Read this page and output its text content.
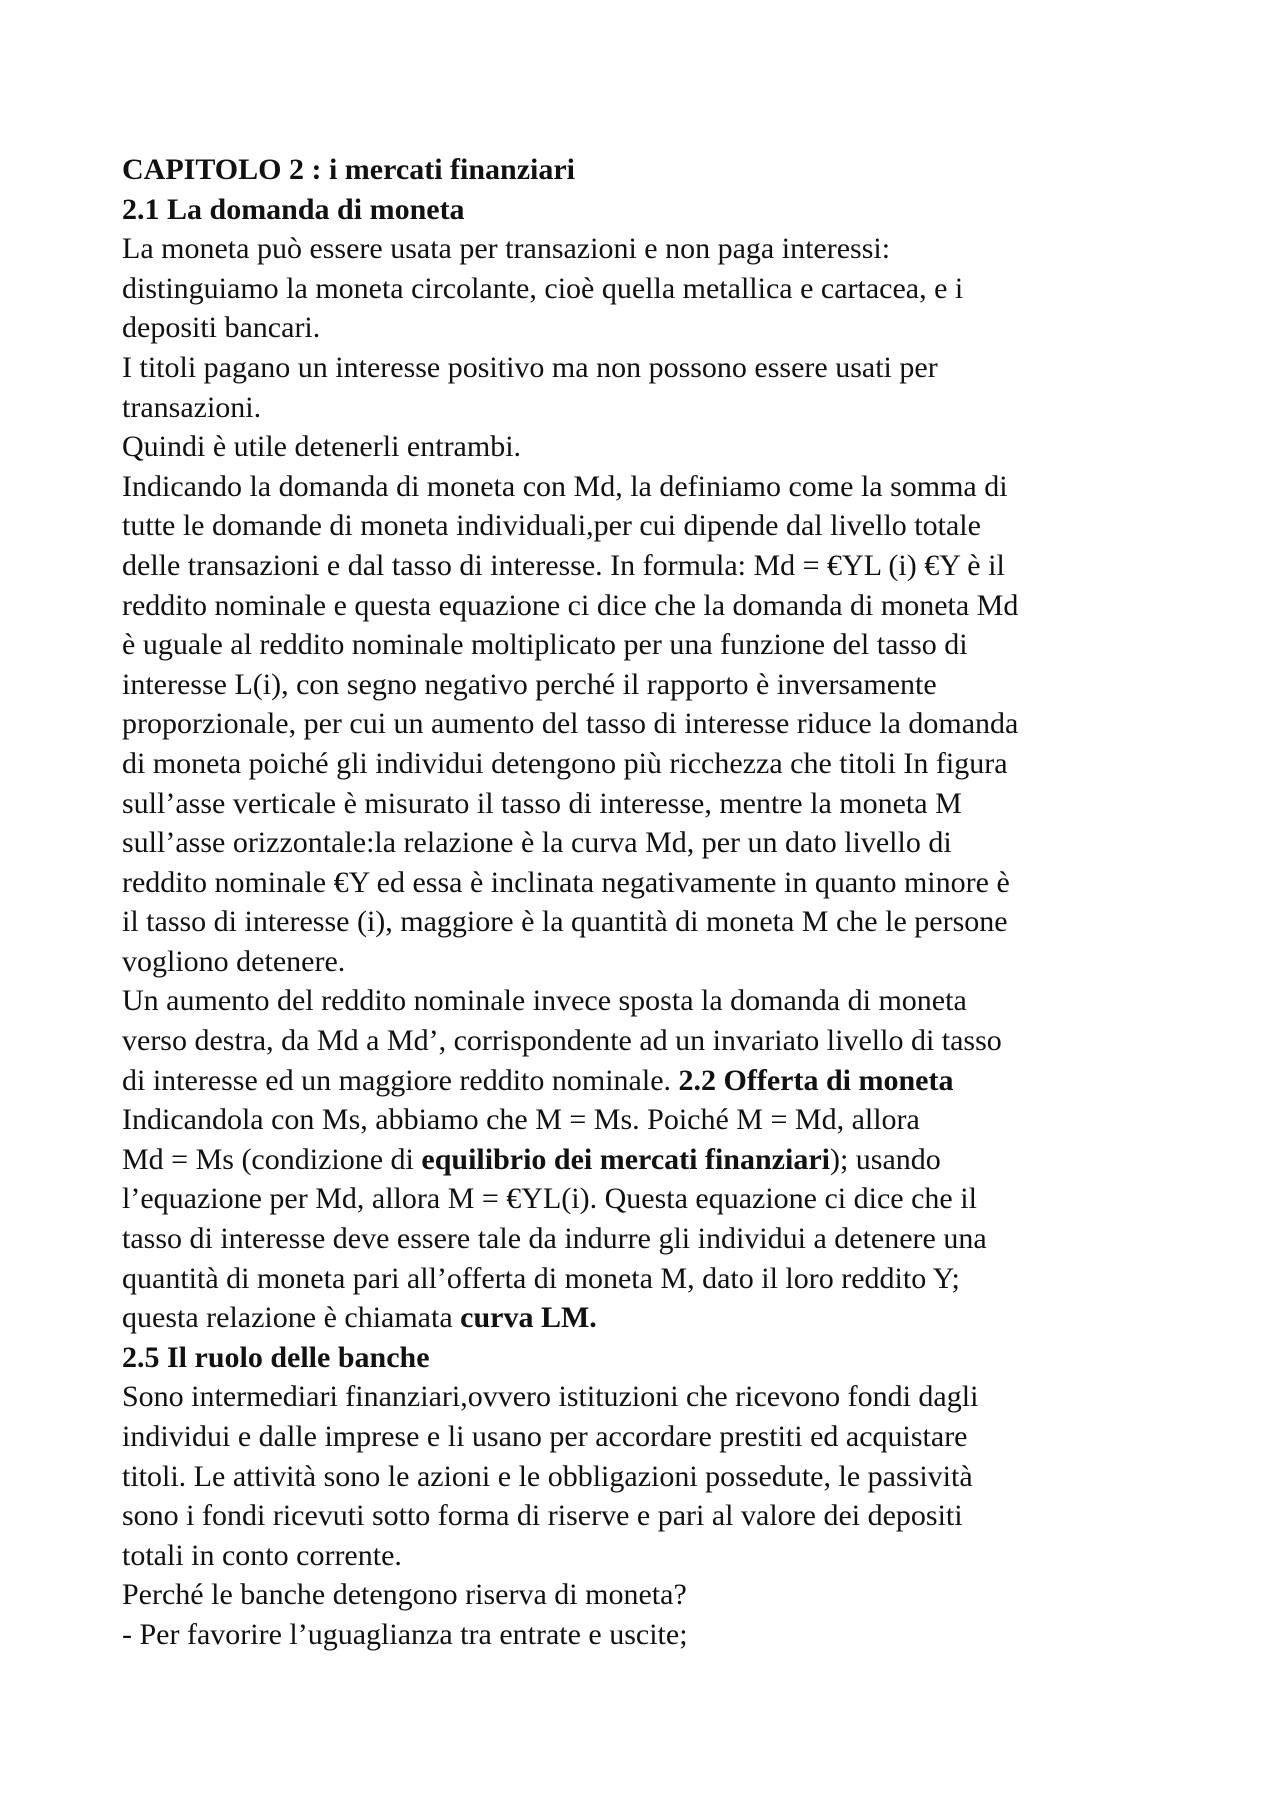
CAPITOLO 2 : i mercati finanziari
2.1 La domanda di moneta
La moneta può essere usata per transazioni e non paga interessi:
distinguiamo la moneta circolante, cioè quella metallica e cartacea, e i
depositi bancari.
I titoli pagano un interesse positivo ma non possono essere usati per
transazioni.
Quindi è utile detenerli entrambi.
Indicando la domanda di moneta con Md, la definiamo come la somma di
tutte le domande di moneta individuali,per cui dipende dal livello totale
delle transazioni e dal tasso di interesse. In formula: Md = €YL (i) €Y è il
reddito nominale e questa equazione ci dice che la domanda di moneta Md
è uguale al reddito nominale moltiplicato per una funzione del tasso di
interesse L(i), con segno negativo perché il rapporto è inversamente
proporzionale, per cui un aumento del tasso di interesse riduce la domanda
di moneta poiché gli individui detengono più ricchezza che titoli In figura
sull’asse verticale è misurato il tasso di interesse, mentre la moneta M
sull’asse orizzontale:la relazione è la curva Md, per un dato livello di
reddito nominale €Y ed essa è inclinata negativamente in quanto minore è
il tasso di interesse (i), maggiore è la quantità di moneta M che le persone
vogliono detenere.
Un aumento del reddito nominale invece sposta la domanda di moneta
verso destra, da Md a Md’, corrispondente ad un invariato livello di tasso
di interesse ed un maggiore reddito nominale. 2.2 Offerta di moneta
Indicandola con Ms, abbiamo che M = Ms. Poiché M = Md, allora
Md = Ms (condizione di equilibrio dei mercati finanziari); usando
l’equazione per Md, allora M = €YL(i). Questa equazione ci dice che il
tasso di interesse deve essere tale da indurre gli individui a detenere una
quantità di moneta pari all’offerta di moneta M, dato il loro reddito Y;
questa relazione è chiamata curva LM.
2.5 Il ruolo delle banche
Sono intermediari finanziari,ovvero istituzioni che ricevono fondi dagli
individui e dalle imprese e li usano per accordare prestiti ed acquistare
titoli. Le attività sono le azioni e le obbligazioni possedute, le passività
sono i fondi ricevuti sotto forma di riserve e pari al valore dei depositi
totali in conto corrente.
Perché le banche detengono riserva di moneta?
- Per favorire l’uguaglianza tra entrate e uscite;
